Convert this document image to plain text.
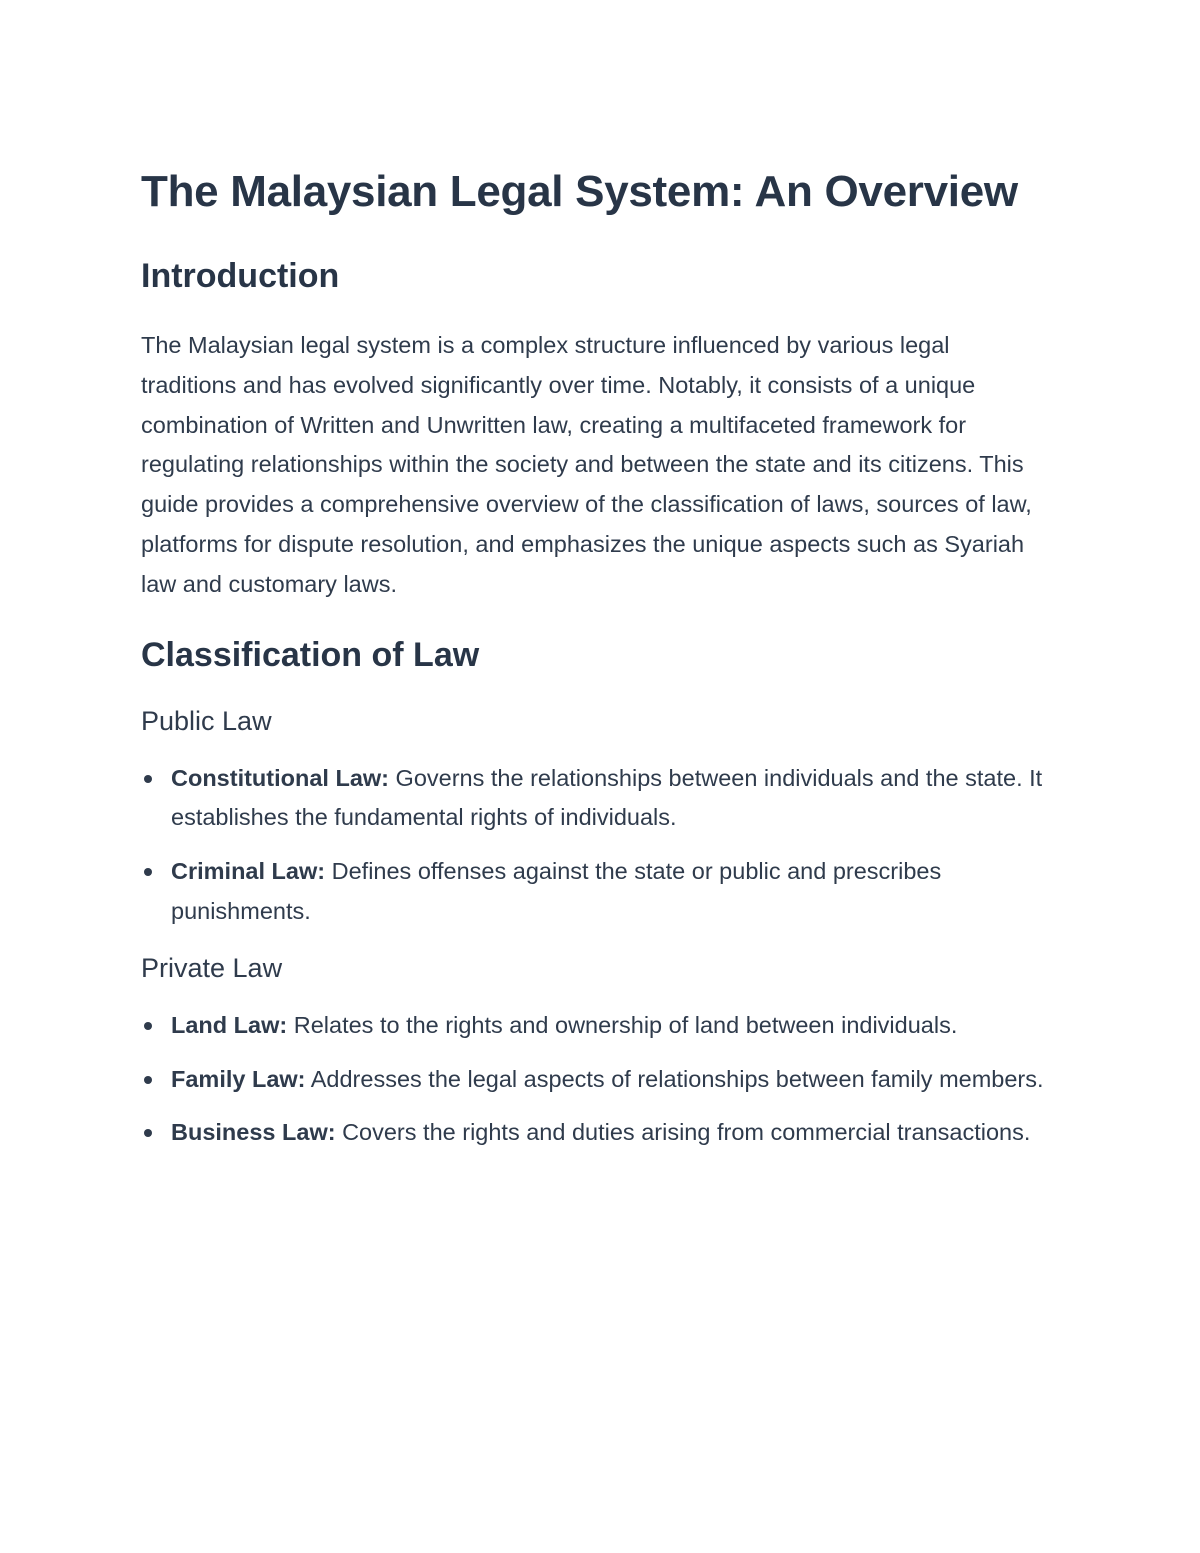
The Malaysian Legal System: An Overview
Introduction

The Malaysian legal system is a complex structure influenced by various legal traditions and has evolved significantly over time. Notably, it consists of a unique combination of Written and Unwritten law, creating a multifaceted framework for regulating relationships within the society and between the state and its citizens. This guide provides a comprehensive overview of the classification of laws, sources of law, platforms for dispute resolution, and emphasizes the unique aspects such as Syariah law and customary laws.

Classification of Law
Public Law
Constitutional Law: Governs the relationships between individuals and the state. It establishes the fundamental rights of individuals.
Criminal Law: Defines offenses against the state or public and prescribes punishments.
Private Law
Land Law: Relates to the rights and ownership of land between individuals.
Family Law: Addresses the legal aspects of relationships between family members.
Business Law: Covers the rights and duties arising from commercial transactions.
